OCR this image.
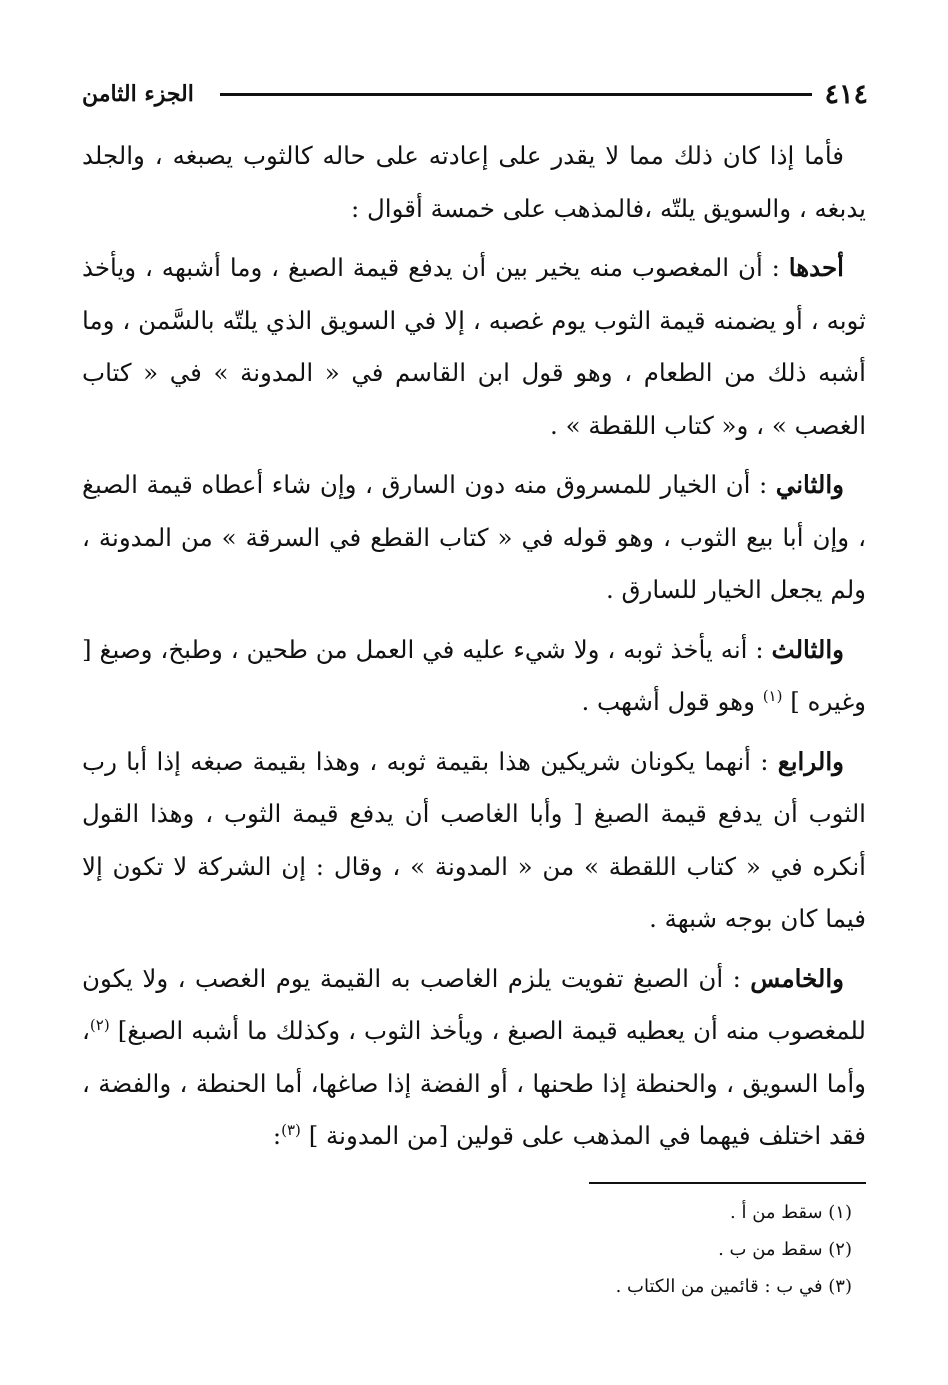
٤١٤
الجزء الثامن

فأما إذا كان ذلك مما لا يقدر على إعادته على حاله كالثوب يصبغه ، والجلد يدبغه ، والسويق يلتّه ،فالمذهب على خمسة أقوال :

أحدها : أن المغصوب منه يخير بين أن يدفع قيمة الصبغ ، وما أشبهه ، ويأخذ ثوبه ، أو يضمنه قيمة الثوب يوم غصبه ، إلا في السويق الذي يلتّه بالسَّمن ، وما أشبه ذلك من الطعام ، وهو قول ابن القاسم في « المدونة » في « كتاب الغصب » ، و« كتاب اللقطة » .

والثاني : أن الخيار للمسروق منه دون السارق ، وإن شاء أعطاه قيمة الصبغ ، وإن أبا بيع الثوب ، وهو قوله في « كتاب القطع في السرقة » من المدونة ، ولم يجعل الخيار للسارق .

والثالث : أنه يأخذ ثوبه ، ولا شيء عليه في العمل من طحين ، وطبخ، وصبغ [ وغيره ] $^{(١)}$ وهو قول أشهب .

والرابع : أنهما يكونان شريكين هذا بقيمة ثوبه ، وهذا بقيمة صبغه إذا أبا رب الثوب أن يدفع قيمة الصبغ [ وأبا الغاصب أن يدفع قيمة الثوب ، وهذا القول أنكره في « كتاب اللقطة » من « المدونة » ، وقال : إن الشركة لا تكون إلا فيما كان بوجه شبهة .

والخامس : أن الصبغ تفويت يلزم الغاصب به القيمة يوم الغصب ، ولا يكون للمغصوب منه أن يعطيه قيمة الصبغ ، ويأخذ الثوب ، وكذلك ما أشبه الصبغ] $^{(٢)}$، وأما السويق ، والحنطة إذا طحنها ، أو الفضة إذا صاغها، أما الحنطة ، والفضة ، فقد اختلف فيهما في المذهب على قولين [من المدونة ] $^{(٣)}$:

(١) سقط من أ .
(٢) سقط من ب .
(٣) في ب : قائمين من الكتاب .
